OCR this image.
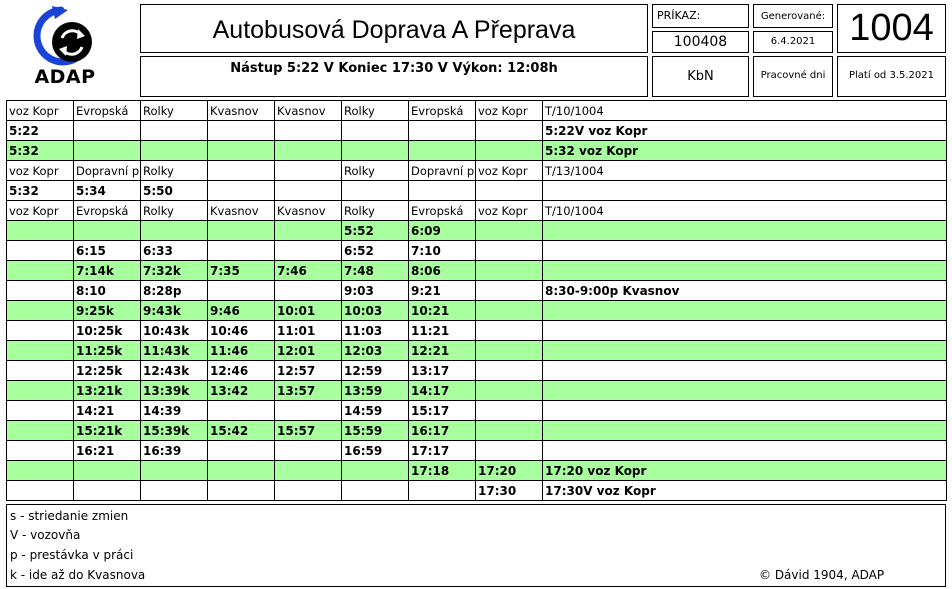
ADAP
Autobusová Doprava A Přeprava
Nástup 5:22 V Koniec 17:30 V Výkon: 12:08h
PRÍKAZ:
100408
Generované:
6.4.2021 1004
KbN	Pracovné dni	Platí od 3.5.2021
voz Kopr	Evropská	Rolky	Kvasnov	Kvasnov	Rolky	Evropská	voz Kopr	T/10/1004
5:22								5:22V voz Kopr
5:32								5:32 voz Kopr
voz Kopr	Dopravní p	Rolky			Rolky	Dopravní p	voz Kopr	T/13/1004
5:32	5:34	5:50						
voz Kopr	Evropská	Rolky	Kvasnov	Kvasnov	Rolky	Evropská	voz Kopr	T/10/1004
					5:52	6:09		
	6:15	6:33			6:52	7:10		
	7:14k	7:32k	7:35	7:46	7:48	8:06		
	8:10	8:28p			9:03	9:21		8:30-9:00p Kvasnov
	9:25k	9:43k	9:46	10:01	10:03	10:21		
	10:25k	10:43k	10:46	11:01	11:03	11:21		
	11:25k	11:43k	11:46	12:01	12:03	12:21		
	12:25k	12:43k	12:46	12:57	12:59	13:17		
	13:21k	13:39k	13:42	13:57	13:59	14:17		
	14:21	14:39			14:59	15:17		
	15:21k	15:39k	15:42	15:57	15:59	16:17		
	16:21	16:39			16:59	17:17		
						17:18	17:20	17:20 voz Kopr
							17:30	17:30V voz Kopr
s - striedanie zmien
V - vozovňa
p - prestávka v práci
k - ide až do Kvasnova	© Dávid 1904, ADAP
